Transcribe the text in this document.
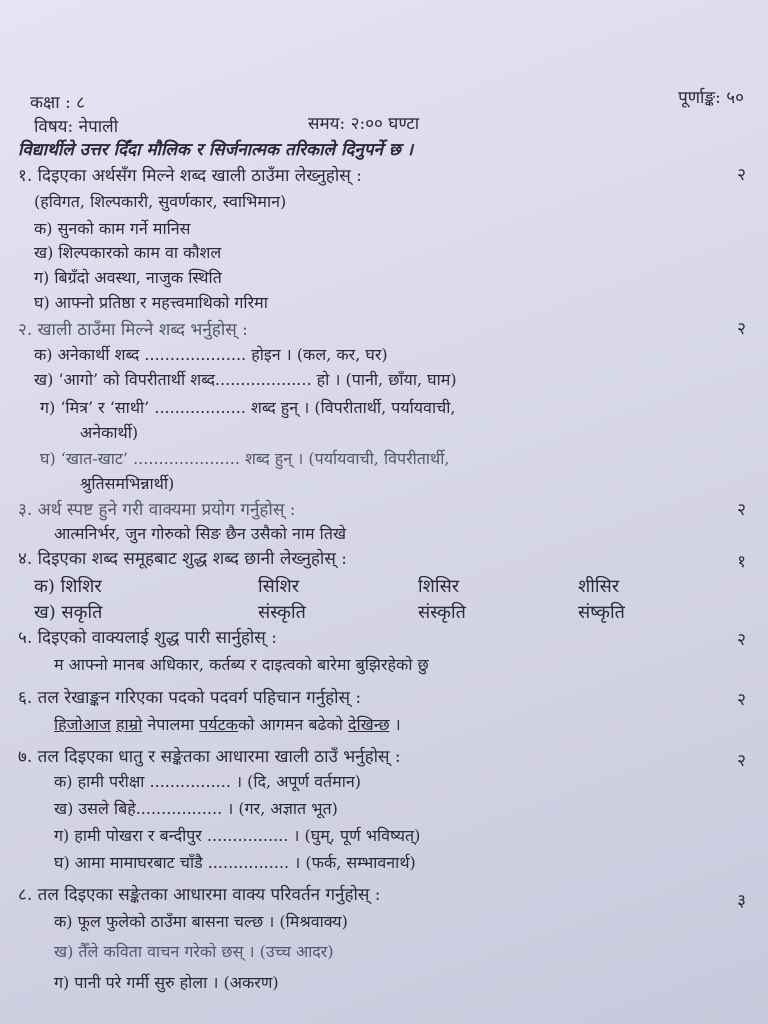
कक्षा : ८	पूर्णाङ्क: ५०
विषय: नेपाली	समय: २:०० घण्टा
विद्यार्थीले उत्तर दिँदा मौलिक र सिर्जनात्मक तरिकाले दिनुपर्ने छ ।
१. दिइएका अर्थसँग मिल्ने शब्द खाली ठाउँमा लेख्नुहोस् :	२
(हविगत, शिल्पकारी, सुवर्णकार, स्वाभिमान)
क) सुनको काम गर्ने मानिस
ख) शिल्पकारको काम वा कौशल
ग) बिग्रँदो अवस्था, नाजुक स्थिति
घ) आफ्नो प्रतिष्ठा र महत्त्वमाथिको गरिमा
२. खाली ठाउँमा मिल्ने शब्द भर्नुहोस् :	२
क) अनेकार्थी शब्द .................... होइन । (कल, कर, घर)
ख) ‘आगो’ को विपरीतार्थी शब्द................... हो । (पानी, छाँया, घाम)
ग) ‘मित्र’ र ‘साथी’ .................. शब्द हुन् । (विपरीतार्थी, पर्यायवाची,
अनेकार्थी)
घ) ‘खात-खाट’ ..................... शब्द हुन् । (पर्यायवाची, विपरीतार्थी,
श्रुतिसमभिन्नार्थी)
३. अर्थ स्पष्ट हुने गरी वाक्यमा प्रयोग गर्नुहोस् :	२
आत्मनिर्भर, जुन गोरुको सिङ छैन उसैको नाम तिखे
४. दिइएका शब्द समूहबाट शुद्ध शब्द छानी लेख्नुहोस् :	१
क) शिशिर	सिशिर	शिसिर	शीसिर
ख) सकृति	संस्कृति	संस्कृति	संष्कृति
५. दिइएको वाक्यलाई शुद्ध पारी सार्नुहोस् :	२
म आफ्नो मानब अधिकार, कर्तब्य र दाइत्वको बारेमा बुझिरहेको छु
६. तल रेखाङ्कन गरिएका पदको पदवर्ग पहिचान गर्नुहोस् :	२
हिजोआज हाम्रो नेपालमा पर्यटकको आगमन बढेको देखिन्छ ।
७. तल दिइएका धातु र सङ्केतका आधारमा खाली ठाउँ भर्नुहोस् :	२
क) हामी परीक्षा ................ । (दि, अपूर्ण वर्तमान)
ख) उसले बिहे................. । (गर, अज्ञात भूत)
ग) हामी पोखरा र बन्दीपुर ................ । (घुम्, पूर्ण भविष्यत्)
घ) आमा मामाघरबाट चाँडै ................ । (फर्क, सम्भावनार्थ)
८. तल दिइएका सङ्केतका आधारमा वाक्य परिवर्तन गर्नुहोस् :	३
क) फूल फुलेको ठाउँमा बासना चल्छ । (मिश्रवाक्य)
ख) तैँले कविता वाचन गरेको छस् । (उच्च आदर)
ग) पानी परे गर्मी सुरु होला । (अकरण)
